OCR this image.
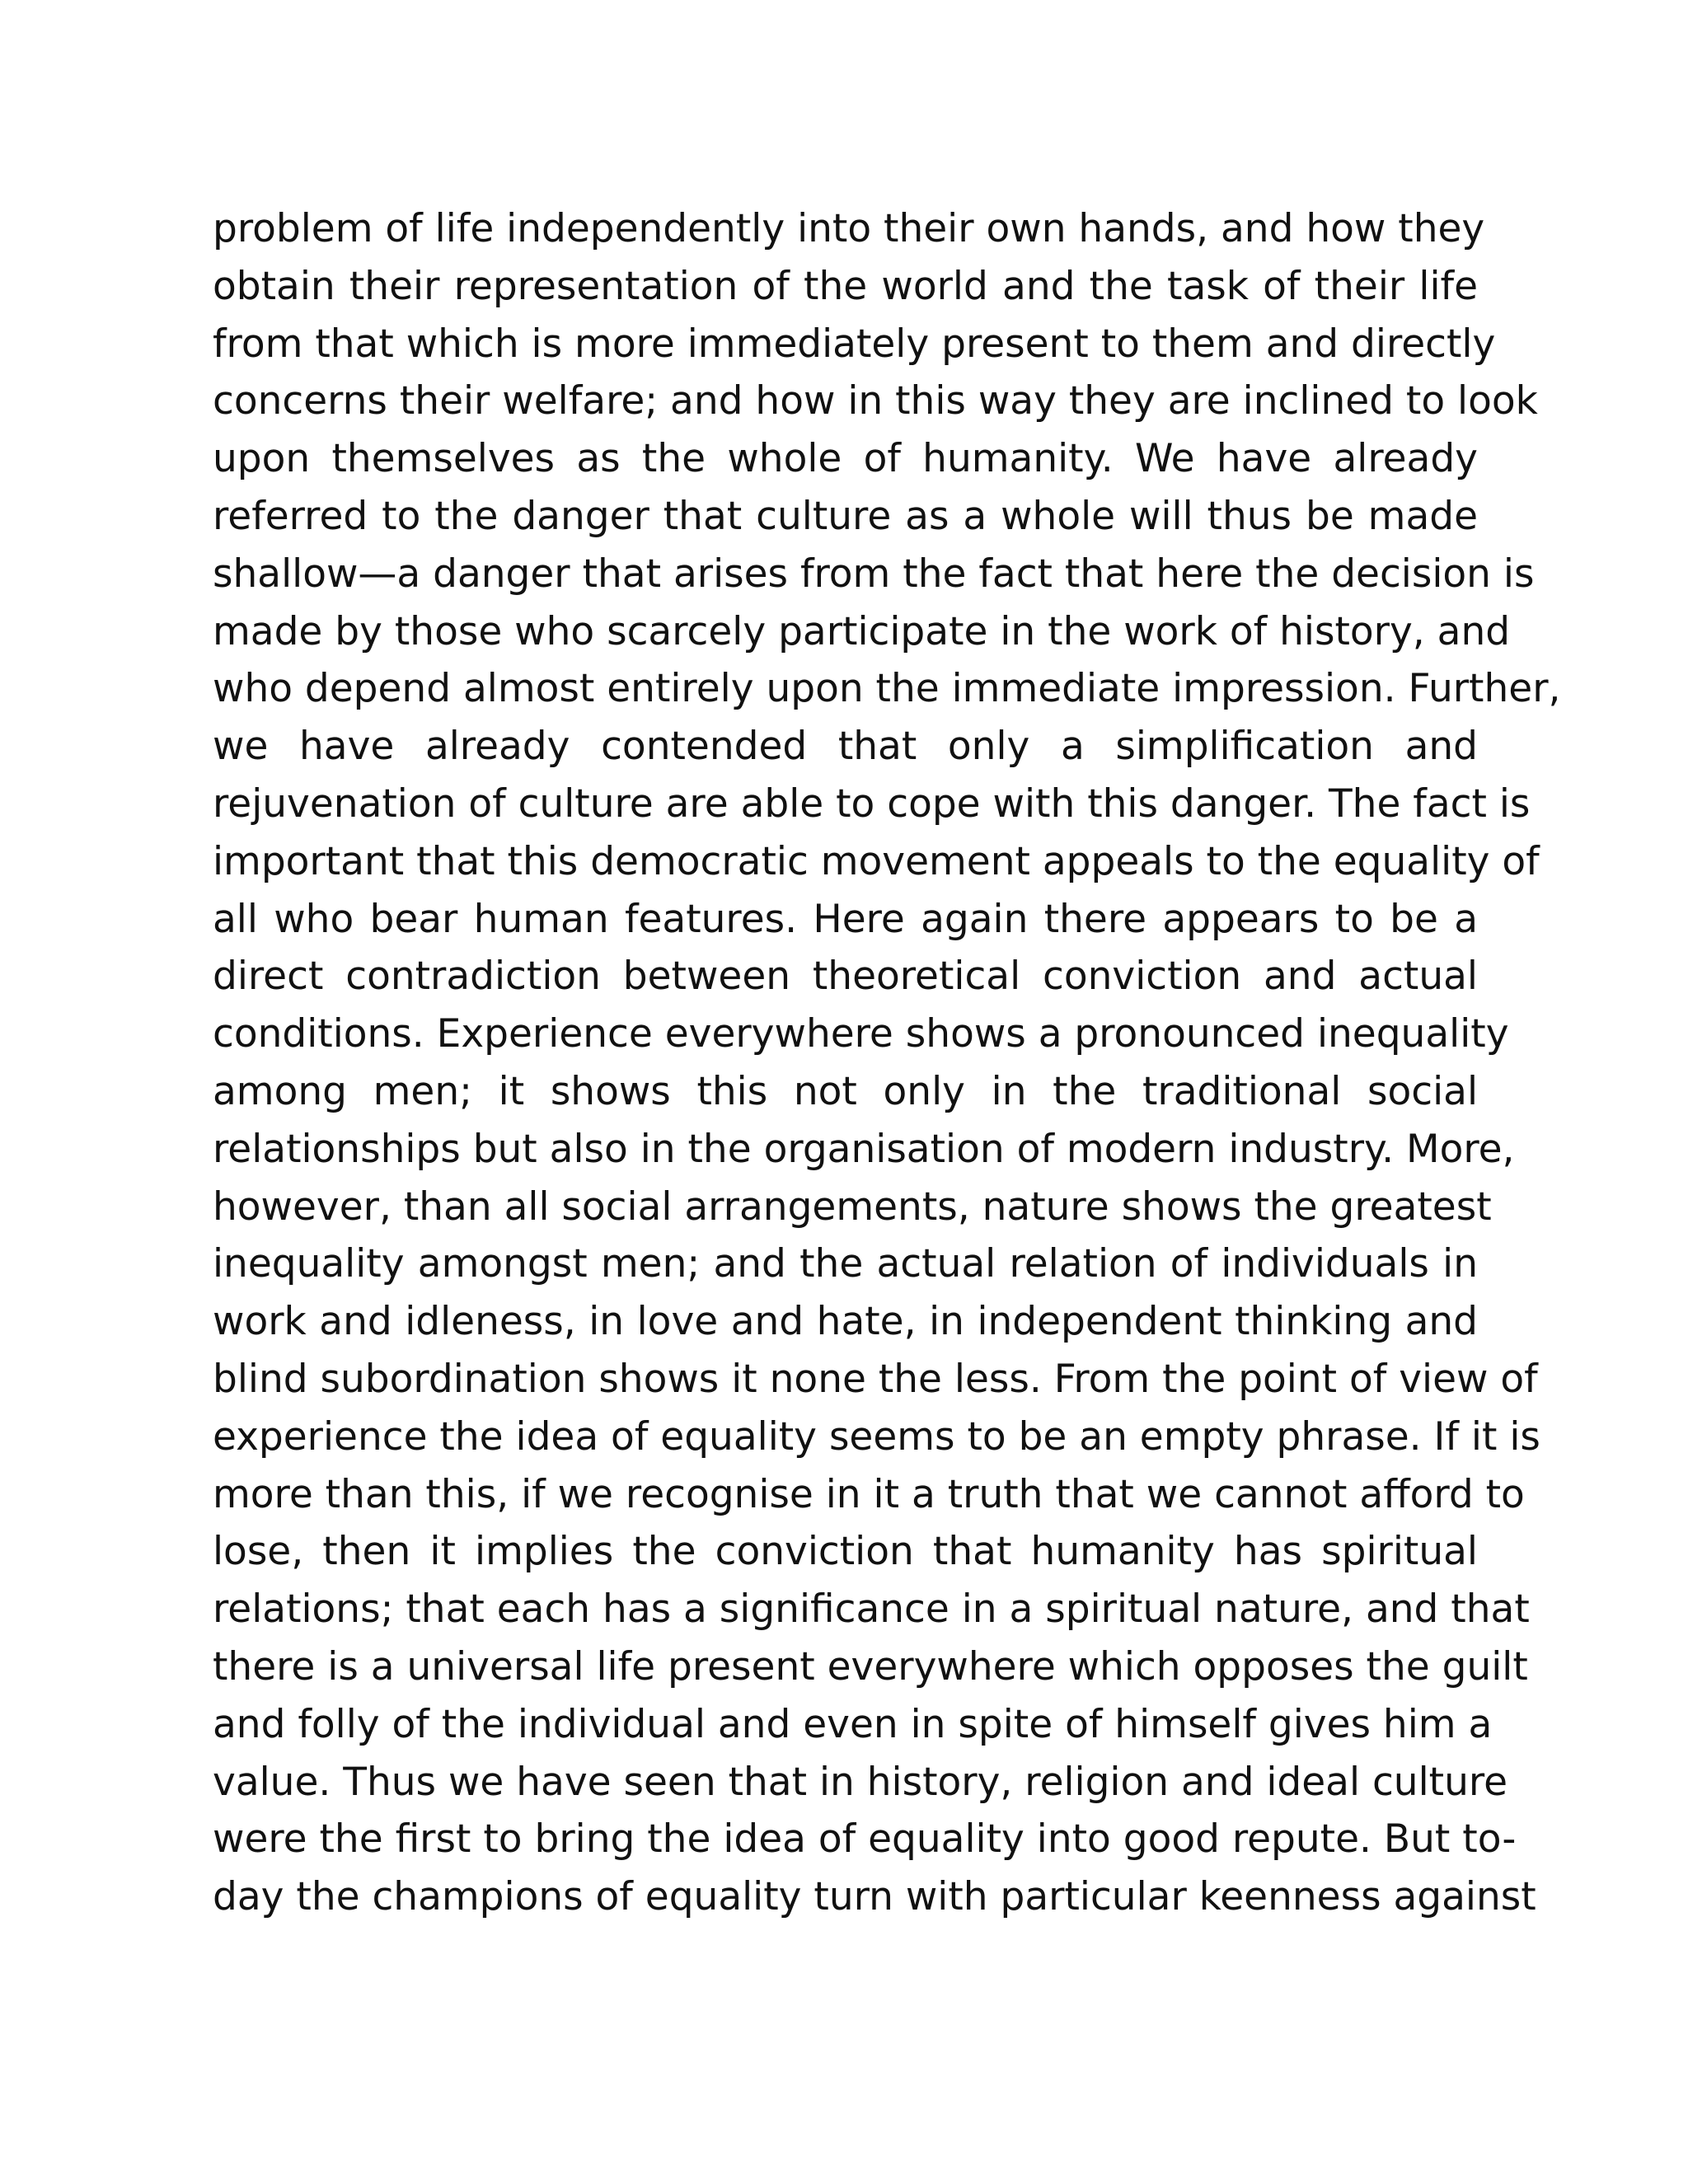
problem of life independently into their own hands, and how they
obtain their representation of the world and the task of their life
from that which is more immediately present to them and directly
concerns their welfare; and how in this way they are inclined to look
upon themselves as the whole of humanity. We have already
referred to the danger that culture as a whole will thus be made
shallow—a danger that arises from the fact that here the decision is
made by those who scarcely participate in the work of history, and
who depend almost entirely upon the immediate impression. Further,
we have already contended that only a simplification and
rejuvenation of culture are able to cope with this danger. The fact is
important that this democratic movement appeals to the equality of
all who bear human features. Here again there appears to be a
direct contradiction between theoretical conviction and actual
conditions. Experience everywhere shows a pronounced inequality
among men; it shows this not only in the traditional social
relationships but also in the organisation of modern industry. More,
however, than all social arrangements, nature shows the greatest
inequality amongst men; and the actual relation of individuals in
work and idleness, in love and hate, in independent thinking and
blind subordination shows it none the less. From the point of view of
experience the idea of equality seems to be an empty phrase. If it is
more than this, if we recognise in it a truth that we cannot afford to
lose, then it implies the conviction that humanity has spiritual
relations; that each has a significance in a spiritual nature, and that
there is a universal life present everywhere which opposes the guilt
and folly of the individual and even in spite of himself gives him a
value. Thus we have seen that in history, religion and ideal culture
were the first to bring the idea of equality into good repute. But to-
day the champions of equality turn with particular keenness against
